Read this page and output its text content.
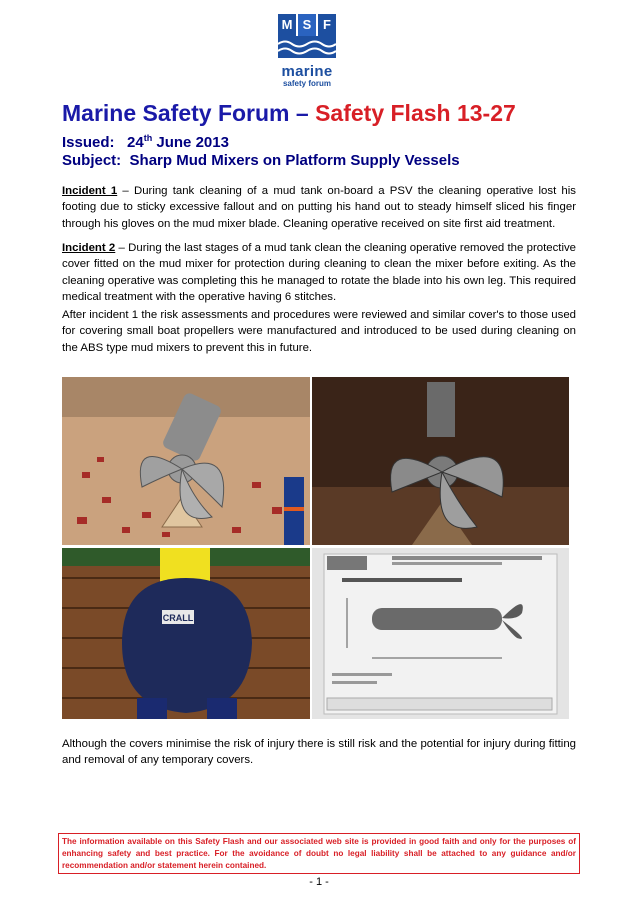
M S F
marine
safety forum
Marine Safety Forum – Safety Flash 13-27
Issued: 24th June 2013
Subject: Sharp Mud Mixers on Platform Supply Vessels
Incident 1 – During tank cleaning of a mud tank on-board a PSV the cleaning operative lost his footing due to sticky excessive fallout and on putting his hand out to steady himself sliced his finger through his gloves on the mud mixer blade. Cleaning operative received on site first aid treatment.
Incident 2 – During the last stages of a mud tank clean the cleaning operative removed the protective cover fitted on the mud mixer for protection during cleaning to clean the mixer before exiting. As the cleaning operative was completing this he managed to rotate the blade into his own leg. This required medical treatment with the operative having 6 stitches.
After incident 1 the risk assessments and procedures were reviewed and similar cover's to those used for covering small boat propellers were manufactured and introduced to be used during cleaning on the ABS type mud mixers to prevent this in future.
CRALL
Although the covers minimise the risk of injury there is still risk and the potential for injury during fitting and removal of any temporary covers.
The information available on this Safety Flash and our associated web site is provided in good faith and only for the purposes of enhancing safety and best practice. For the avoidance of doubt no legal liability shall be attached to any guidance and/or recommendation and/or statement herein contained.
- 1 -
